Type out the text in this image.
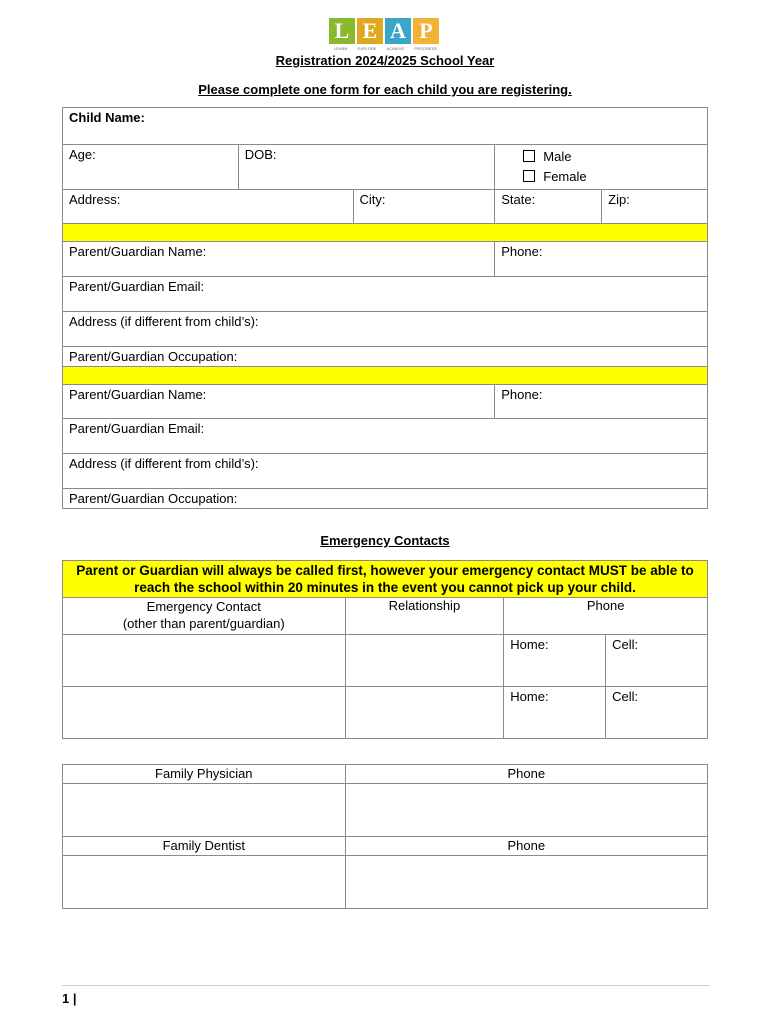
L E A P
LEARN	EXPLORE	ACHIEVE	PROGRESS
Registration 2024/2025 School Year
Please complete one form for each child you are registering.
Child Name:				
Age:	DOB:		Male
Female	

Address:		City:	State:	Zip:

Parent/Guardian Name:			Phone:	
Parent/Guardian Email:				
Address (if different from child’s):				
Parent/Guardian Occupation:				

Parent/Guardian Name:			Phone:	
Parent/Guardian Email:				
Address (if different from child’s):				
Parent/Guardian Occupation:				
Emergency Contacts
Parent or Guardian will always be called first, however your emergency contact MUST be able to reach the school within 20 minutes in the event you cannot pick up your child.			

Emergency Contact
(other than parent/guardian)	Relationship	Phone	
		Home:	Cell:
		Home:	Cell:
Family Physician	Phone

Family Dentist	Phone

1 |
